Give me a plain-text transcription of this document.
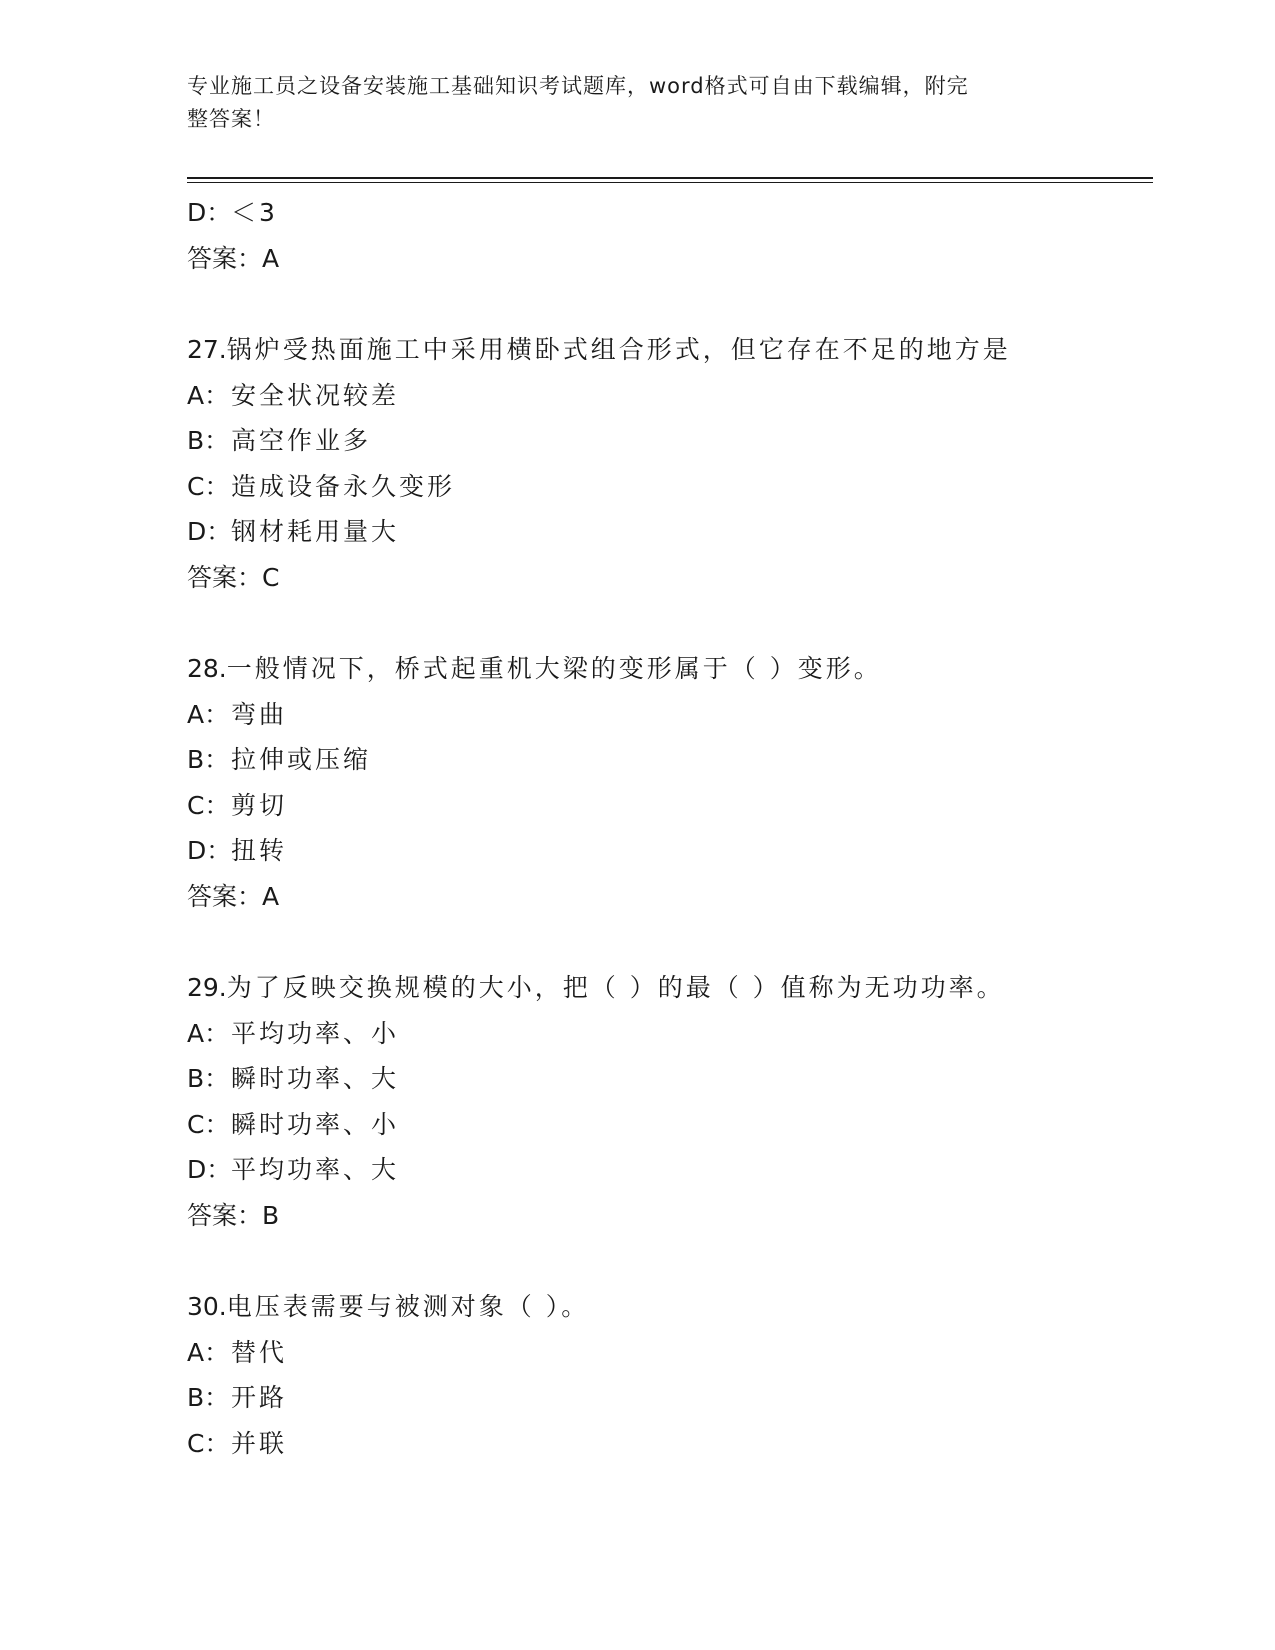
专业施工员之设备安装施工基础知识考试题库，word格式可自由下载编辑，附完
整答案！
D：＜3
答案：A
27.锅炉受热面施工中采用横卧式组合形式，但它存在不足的地方是
A：安全状况较差
B：高空作业多
C：造成设备永久变形
D：钢材耗用量大
答案：C
28.一般情况下，桥式起重机大梁的变形属于（ ）变形。
A：弯曲
B：拉伸或压缩
C：剪切
D：扭转
答案：A
29.为了反映交换规模的大小，把（ ）的最（ ）值称为无功功率。
A：平均功率、小
B：瞬时功率、大
C：瞬时功率、小
D：平均功率、大
答案：B
30.电压表需要与被测对象（ ）。
A：替代
B：开路
C：并联
